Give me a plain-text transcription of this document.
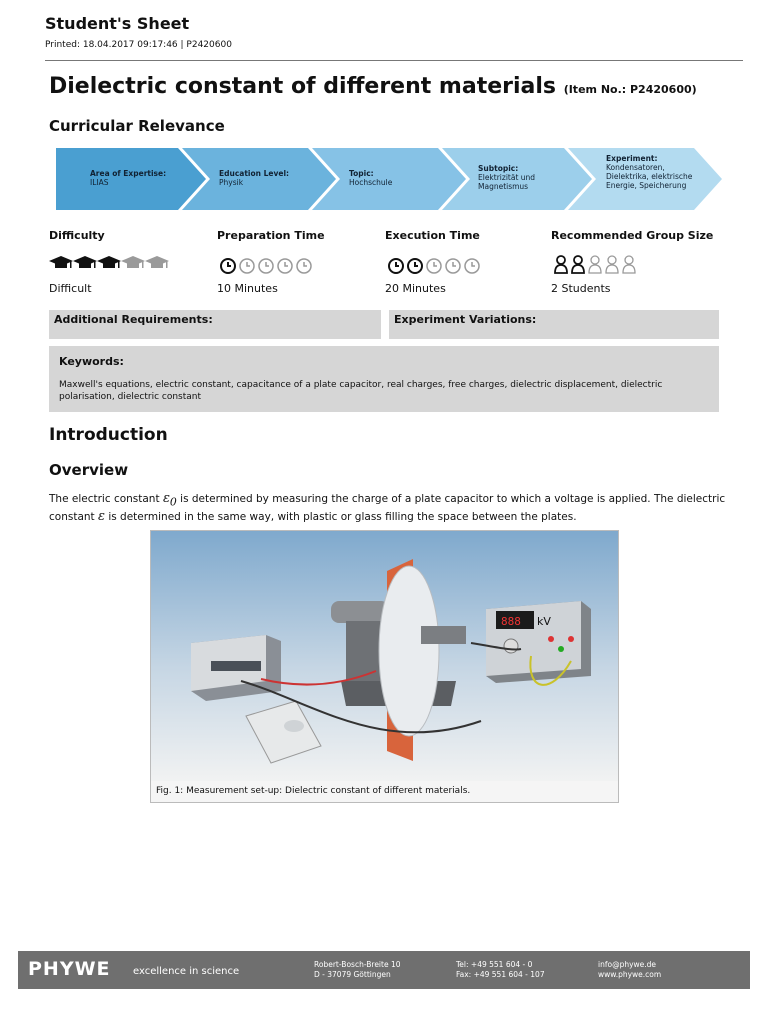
Student's Sheet
Printed: 18.04.2017 09:17:46 | P2420600
Dielectric constant of different materials (Item No.: P2420600)
Curricular Relevance
Area of Expertise:
ILIAS
Education Level:
Physik
Topic:
Hochschule
Subtopic:
Elektrizität und Magnetismus
Experiment:
Kondensatoren, Dielektrika, elektrische Energie, Speicherung
Difficulty
Difficult
Preparation Time
10 Minutes
Execution Time
20 Minutes
Recommended Group Size
2 Students
Additional Requirements:	Experiment Variations:
Keywords:
Maxwell's equations, electric constant, capacitance of a plate capacitor, real charges, free charges, dielectric displacement, dielectric polarisation, dielectric constant
Introduction
Overview
The electric constant $\varepsilon_0$ is determined by measuring the charge of a plate capacitor to which a voltage is applied. The dielectric constant ε is determined in the same way, with plastic or glass filling the space between the plates.
888 kV
Fig. 1: Measurement set-up: Dielectric constant of different materials.
PHYWE excellence in science
Robert-Bosch-Breite 10
D - 37079 Göttingen
Tel: +49 551 604 - 0
Fax: +49 551 604 - 107
info@phywe.de
www.phywe.com
